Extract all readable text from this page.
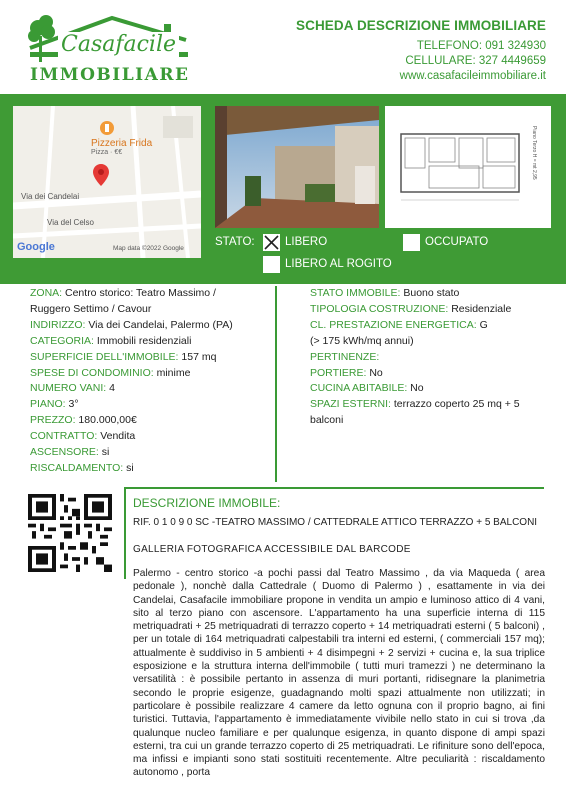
Casafacile
IMMOBILIARE
SCHEDA DESCRIZIONE IMMOBILIARE
TELEFONO: 091 324930
CELLULARE: 327 4449659
www.casafacileimmobiliare.it
Pizzeria Frida
Pizza · €€
Via dei Candelai
Via del Celso
Google	Map data ©2022 Google
Piano Terzo H = mt 2,95
STATO:	LIBERO	OCCUPATO
LIBERO AL ROGITO
ZONA: Centro storico: Teatro Massimo /
Ruggero Settimo / Cavour
INDIRIZZO: Via dei Candelai, Palermo (PA)
CATEGORIA: Immobili residenziali
SUPERFICIE DELL'IMMOBILE: 157 mq
SPESE DI CONDOMINIO: minime
NUMERO VANI: 4
PIANO: 3°
PREZZO: 180.000,00€
CONTRATTO: Vendita
ASCENSORE: si
RISCALDAMENTO: si
STATO IMMOBILE: Buono stato
TIPOLOGIA COSTRUZIONE: Residenziale
CL. PRESTAZIONE ENERGETICA: G
(> 175 kWh/mq annui)
PERTINENZE:
PORTIERE: No
CUCINA ABITABILE: No
SPAZI ESTERNI: terrazzo coperto 25 mq + 5
balconi
DESCRIZIONE IMMOBILE:
RIF. 0 1 0 9 0 SC -TEATRO MASSIMO / CATTEDRALE ATTICO TERRAZZO + 5 BALCONI
GALLERIA FOTOGRAFICA ACCESSIBILE DAL BARCODE
Palermo - centro storico -a pochi passi dal Teatro Massimo , da via Maqueda ( area pedonale ), nonchè dalla Cattedrale ( Duomo di Palermo ) , esattamente in via dei Candelai, Casafacile immobiliare propone in vendita un ampio e luminoso attico di 4 vani, sito al terzo piano con ascensore. L'appartamento ha una superficie interna di 115 metriquadrati + 25 metriquadrati di terrazzo coperto + 14 metriquadrati esterni ( 5 balconi) , per un totale di 164 metriquadrati calpestabili tra interni ed esterni, ( commerciali 157 mq); attualmente è suddiviso in 5 ambienti + 4 disimpegni + 2 servizi + cucina e, la sua triplice esposizione e la struttura interna dell'immobile ( tutti muri tramezzi ) ne determinano la versatilità : è possibile pertanto in assenza di muri portanti, ridisegnare la planimetria secondo le proprie esigenze, guadagnando molti spazi attualmente non utilizzati; in particolare è possibile realizzare 4 camere da letto ognuna con il proprio bagno, ai fini turistici. Tuttavia, l'appartamento è immediatamente vivibile nello stato in cui si trova ,da qualunque nucleo familiare e per qualunque esigenza, in quanto dispone di ampi spazi esterni, tra cui un grande terrazzo coperto di 25 metriquadrati. Le rifiniture sono dell'epoca, ma infissi e impianti sono stati sostituiti recentemente. Altre peculiarità : riscaldamento autonomo , porta
